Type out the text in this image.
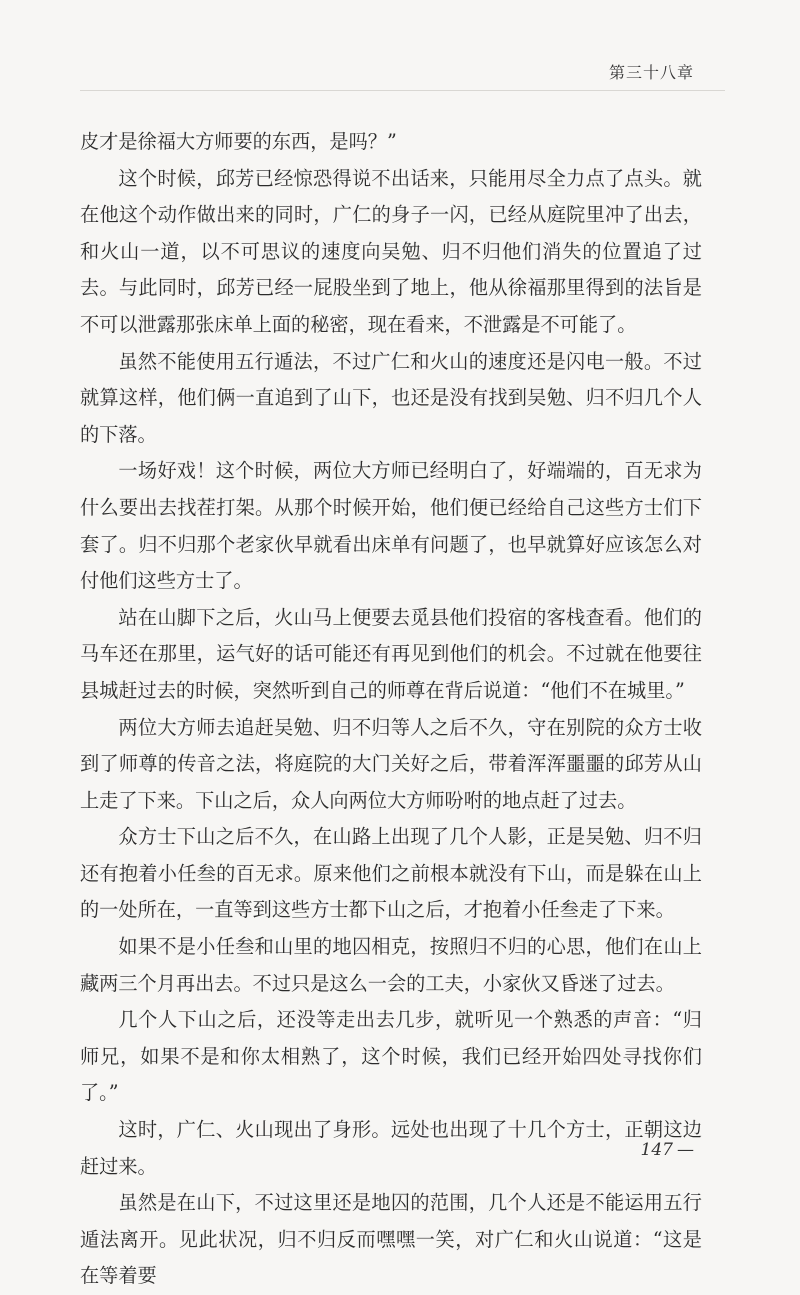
第三十八章

皮才是徐福大方师要的东西，是吗？”

这个时候，邱芳已经惊恐得说不出话来，只能用尽全力点了点头。就在他这个动作做出来的同时，广仁的身子一闪，已经从庭院里冲了出去，和火山一道，以不可思议的速度向吴勉、归不归他们消失的位置追了过去。与此同时，邱芳已经一屁股坐到了地上，他从徐福那里得到的法旨是不可以泄露那张床单上面的秘密，现在看来，不泄露是不可能了。

虽然不能使用五行遁法，不过广仁和火山的速度还是闪电一般。不过就算这样，他们俩一直追到了山下，也还是没有找到吴勉、归不归几个人的下落。

一场好戏！这个时候，两位大方师已经明白了，好端端的，百无求为什么要出去找茬打架。从那个时候开始，他们便已经给自己这些方士们下套了。归不归那个老家伙早就看出床单有问题了，也早就算好应该怎么对付他们这些方士了。

站在山脚下之后，火山马上便要去觅县他们投宿的客栈查看。他们的马车还在那里，运气好的话可能还有再见到他们的机会。不过就在他要往县城赶过去的时候，突然听到自己的师尊在背后说道：“他们不在城里。”

两位大方师去追赶吴勉、归不归等人之后不久，守在别院的众方士收到了师尊的传音之法，将庭院的大门关好之后，带着浑浑噩噩的邱芳从山上走了下来。下山之后，众人向两位大方师吩咐的地点赶了过去。

众方士下山之后不久，在山路上出现了几个人影，正是吴勉、归不归还有抱着小任叁的百无求。原来他们之前根本就没有下山，而是躲在山上的一处所在，一直等到这些方士都下山之后，才抱着小任叁走了下来。

如果不是小任叁和山里的地囚相克，按照归不归的心思，他们在山上藏两三个月再出去。不过只是这么一会的工夫，小家伙又昏迷了过去。

几个人下山之后，还没等走出去几步，就听见一个熟悉的声音：“归师兄，如果不是和你太相熟了，这个时候，我们已经开始四处寻找你们了。”

这时，广仁、火山现出了身形。远处也出现了十几个方士，正朝这边赶过来。

虽然是在山下，不过这里还是地囚的范围，几个人还是不能运用五行遁法离开。见此状况，归不归反而嘿嘿一笑，对广仁和火山说道：“这是在等着要

147 —
